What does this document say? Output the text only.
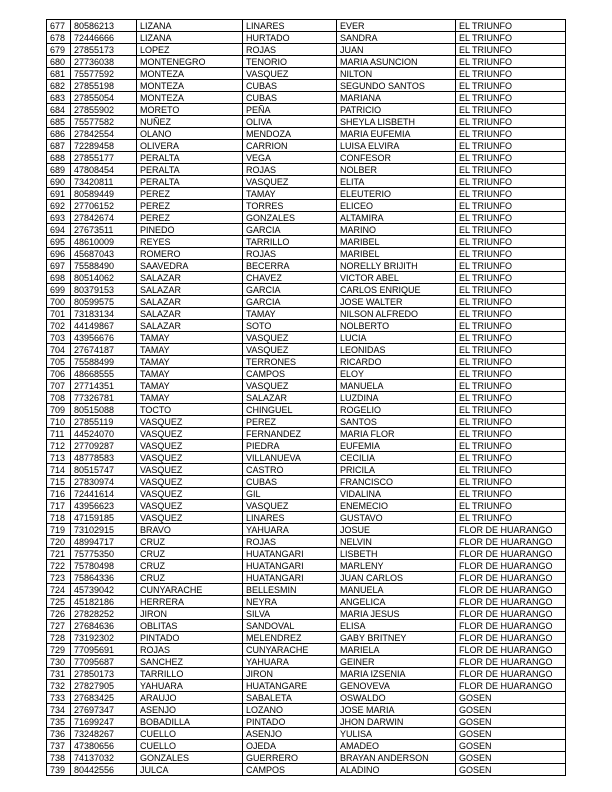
677	80586213	LIZANA	LINARES	EVER	EL TRIUNFO
678	72446666	LIZANA	HURTADO	SANDRA	EL TRIUNFO
679	27855173	LOPEZ	ROJAS	JUAN	EL TRIUNFO
680	27736038	MONTENEGRO	TENORIO	MARIA ASUNCION	EL TRIUNFO
681	75577592	MONTEZA	VASQUEZ	NILTON	EL TRIUNFO
682	27855198	MONTEZA	CUBAS	SEGUNDO SANTOS	EL TRIUNFO
683	27855054	MONTEZA	CUBAS	MARIANA	EL TRIUNFO
684	27855902	MORETO	PEÑA	PATRICIO	EL TRIUNFO
685	75577582	NUÑEZ	OLIVA	SHEYLA LISBETH	EL TRIUNFO
686	27842554	OLANO	MENDOZA	MARIA EUFEMIA	EL TRIUNFO
687	72289458	OLIVERA	CARRION	LUISA ELVIRA	EL TRIUNFO
688	27855177	PERALTA	VEGA	CONFESOR	EL TRIUNFO
689	47808454	PERALTA	ROJAS	NOLBER	EL TRIUNFO
690	73420811	PERALTA	VASQUEZ	ELITA	EL TRIUNFO
691	80589449	PEREZ	TAMAY	ELEUTERIO	EL TRIUNFO
692	27706152	PEREZ	TORRES	ELICEO	EL TRIUNFO
693	27842674	PEREZ	GONZALES	ALTAMIRA	EL TRIUNFO
694	27673511	PINEDO	GARCIA	MARINO	EL TRIUNFO
695	48610009	REYES	TARRILLO	MARIBEL	EL TRIUNFO
696	45687043	ROMERO	ROJAS	MARIBEL	EL TRIUNFO
697	75588490	SAAVEDRA	BECERRA	NORELLY BRIJITH	EL TRIUNFO
698	80514062	SALAZAR	CHAVEZ	VICTOR ABEL	EL TRIUNFO
699	80379153	SALAZAR	GARCIA	CARLOS ENRIQUE	EL TRIUNFO
700	80599575	SALAZAR	GARCIA	JOSE WALTER	EL TRIUNFO
701	73183134	SALAZAR	TAMAY	NILSON ALFREDO	EL TRIUNFO
702	44149867	SALAZAR	SOTO	NOLBERTO	EL TRIUNFO
703	43956676	TAMAY	VASQUEZ	LUCIA	EL TRIUNFO
704	27674187	TAMAY	VASQUEZ	LEONIDAS	EL TRIUNFO
705	75588499	TAMAY	TERRONES	RICARDO	EL TRIUNFO
706	48668555	TAMAY	CAMPOS	ELOY	EL TRIUNFO
707	27714351	TAMAY	VASQUEZ	MANUELA	EL TRIUNFO
708	77326781	TAMAY	SALAZAR	LUZDINA	EL TRIUNFO
709	80515088	TOCTO	CHINGUEL	ROGELIO	EL TRIUNFO
710	27855119	VASQUEZ	PEREZ	SANTOS	EL TRIUNFO
711	44524070	VASQUEZ	FERNANDEZ	MARIA FLOR	EL TRIUNFO
712	27709287	VASQUEZ	PIEDRA	EUFEMIA	EL TRIUNFO
713	48778583	VASQUEZ	VILLANUEVA	CECILIA	EL TRIUNFO
714	80515747	VASQUEZ	CASTRO	PRICILA	EL TRIUNFO
715	27830974	VASQUEZ	CUBAS	FRANCISCO	EL TRIUNFO
716	72441614	VASQUEZ	GIL	VIDALINA	EL TRIUNFO
717	43956623	VASQUEZ	VASQUEZ	ENEMECIO	EL TRIUNFO
718	47159185	VASQUEZ	LINARES	GUSTAVO	EL TRIUNFO
719	73102915	BRAVO	YAHUARA	JOSUE	FLOR DE HUARANGO
720	48994717	CRUZ	ROJAS	NELVIN	FLOR DE HUARANGO
721	75775350	CRUZ	HUATANGARI	LISBETH	FLOR DE HUARANGO
722	75780498	CRUZ	HUATANGARI	MARLENY	FLOR DE HUARANGO
723	75864336	CRUZ	HUATANGARI	JUAN CARLOS	FLOR DE HUARANGO
724	45739042	CUNYARACHE	BELLESMIN	MANUELA	FLOR DE HUARANGO
725	45182186	HERRERA	NEYRA	ANGELICA	FLOR DE HUARANGO
726	27828252	JIRON	SILVA	MARIA JESUS	FLOR DE HUARANGO
727	27684636	OBLITAS	SANDOVAL	ELISA	FLOR DE HUARANGO
728	73192302	PINTADO	MELENDREZ	GABY BRITNEY	FLOR DE HUARANGO
729	77095691	ROJAS	CUNYARACHE	MARIELA	FLOR DE HUARANGO
730	77095687	SANCHEZ	YAHUARA	GEINER	FLOR DE HUARANGO
731	27850173	TARRILLO	JIRON	MARIA IZSENIA	FLOR DE HUARANGO
732	27827905	YAHUARA	HUATANGARE	GENOVEVA	FLOR DE HUARANGO
733	27683425	ARAUJO	SABALETA	OSWALDO	GOSEN
734	27697347	ASENJO	LOZANO	JOSE MARIA	GOSEN
735	71699247	BOBADILLA	PINTADO	JHON DARWIN	GOSEN
736	73248267	CUELLO	ASENJO	YULISA	GOSEN
737	47380656	CUELLO	OJEDA	AMADEO	GOSEN
738	74137032	GONZALES	GUERRERO	BRAYAN ANDERSON	GOSEN
739	80442556	JULCA	CAMPOS	ALADINO	GOSEN
